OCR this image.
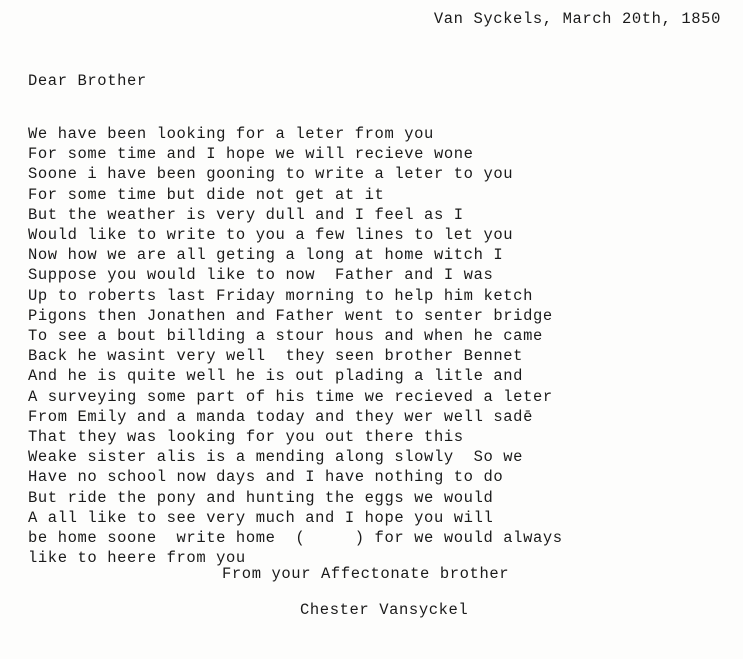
Van Syckels, March 20th, 1850
Dear Brother
We have been looking for a leter from you
For some time and I hope we will recieve wone
Soone i have been gooning to write a leter to you
For some time but dide not get at it
But the weather is very dull and I feel as I
Would like to write to you a few lines to let you
Now how we are all geting a long at home witch I
Suppose you would like to now  Father and I was
Up to roberts last Friday morning to help him ketch
Pigons then Jonathen and Father went to senter bridge
To see a bout billding a stour hous and when he came
Back he wasint very well  they seen brother Bennet
And he is quite well he is out plading a litle and
A surveying some part of his time we recieved a leter
From Emily and a manda today and they wer well sadē
That they was looking for you out there this
Weake sister alis is a mending along slowly  So we
Have no school now days and I have nothing to do
But ride the pony and hunting the eggs we would
A all like to see very much and I hope you will
be home soone  write home  (     ) for we would always
like to heere from you
From your Affectonate brother
Chester Vansyckel
